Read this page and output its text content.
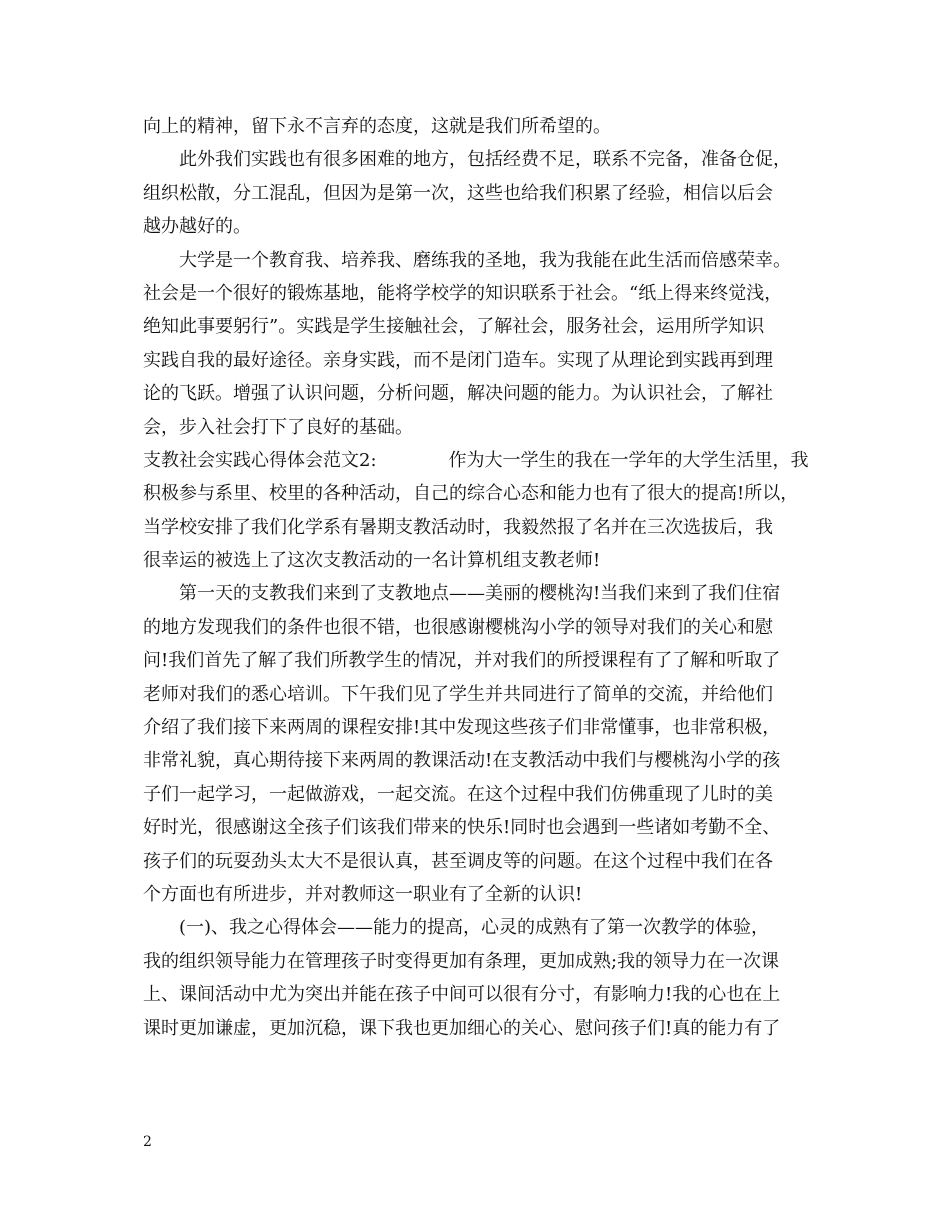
向上的精神，留下永不言弃的态度，这就是我们所希望的。
　　此外我们实践也有很多困难的地方，包括经费不足，联系不完备，准备仓促，
组织松散，分工混乱，但因为是第一次，这些也给我们积累了经验，相信以后会
越办越好的。
　　大学是一个教育我、培养我、磨练我的圣地，我为我能在此生活而倍感荣幸。
社会是一个很好的锻炼基地，能将学校学的知识联系于社会。“纸上得来终觉浅，
绝知此事要躬行”。实践是学生接触社会，了解社会，服务社会，运用所学知识
实践自我的最好途径。亲身实践，而不是闭门造车。实现了从理论到实践再到理
论的飞跃。增强了认识问题，分析问题，解决问题的能力。为认识社会，了解社
会，步入社会打下了良好的基础。
支教社会实践心得体会范文2:　　　　作为大一学生的我在一学年的大学生活里，我
积极参与系里、校里的各种活动，自己的综合心态和能力也有了很大的提高!所以，
当学校安排了我们化学系有暑期支教活动时，我毅然报了名并在三次选拔后，我
很幸运的被选上了这次支教活动的一名计算机组支教老师!
　　第一天的支教我们来到了支教地点——美丽的樱桃沟!当我们来到了我们住宿
的地方发现我们的条件也很不错，也很感谢樱桃沟小学的领导对我们的关心和慰
问!我们首先了解了我们所教学生的情况，并对我们的所授课程有了了解和听取了
老师对我们的悉心培训。下午我们见了学生并共同进行了简单的交流，并给他们
介绍了我们接下来两周的课程安排!其中发现这些孩子们非常懂事，也非常积极，
非常礼貌，真心期待接下来两周的教课活动!在支教活动中我们与樱桃沟小学的孩
子们一起学习，一起做游戏，一起交流。在这个过程中我们仿佛重现了儿时的美
好时光，很感谢这全孩子们该我们带来的快乐!同时也会遇到一些诸如考勤不全、
孩子们的玩耍劲头太大不是很认真，甚至调皮等的问题。在这个过程中我们在各
个方面也有所进步，并对教师这一职业有了全新的认识!
　　(一)、我之心得体会——能力的提高，心灵的成熟有了第一次教学的体验，
我的组织领导能力在管理孩子时变得更加有条理，更加成熟;我的领导力在一次课
上、课间活动中尤为突出并能在孩子中间可以很有分寸，有影响力!我的心也在上
课时更加谦虚，更加沉稳，课下我也更加细心的关心、慰问孩子们!真的能力有了
2
